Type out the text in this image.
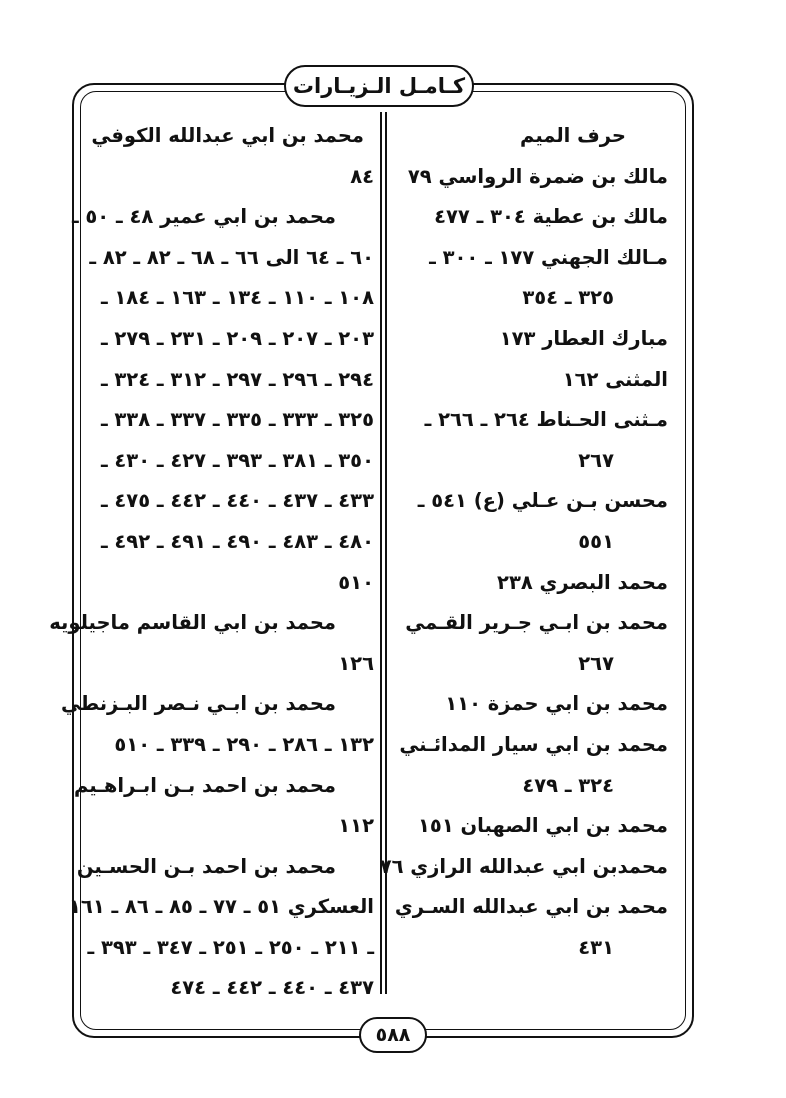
كـامـل الـزيـارات
حرف الميم
مالك بن ضمرة الرواسي ٧٩
مالك بن عطية ٣٠٤ ـ ٤٧٧
مـالك الجهني ١٧٧ ـ ٣٠٠ ـ
٣٢٥ ـ ٣٥٤
مبارك العطار ١٧٣
المثنى ١٦٢
مـثنى الحـناط ٢٦٤ ـ ٢٦٦ ـ
٢٦٧
محسن بـن عـلي (ع) ٥٤١ ـ
٥٥١
محمد البصري ٢٣٨
محمد بن ابـي جـرير القـمي
٢٦٧
محمد بن ابي حمزة ١١٠
محمد بن ابي سيار المدائـني
٣٢٤ ـ ٤٧٩
محمد بن ابي الصهبان ١٥١
محمدبن ابي عبدالله الرازي ٧٦
محمد بن ابي عبدالله السـري
٤٣١
محمد بن ابي عبدالله الكوفي
٨٤
محمد بن ابي عمير ٤٨ ـ ٥٠ ـ
٦٠ ـ ٦٤ الى ٦٦ ـ ٦٨ ـ ٨٢ ـ ٨٢ ـ
١٠٨ ـ ١١٠ ـ ١٣٤ ـ ١٦٣ ـ ١٨٤ ـ
٢٠٣ ـ ٢٠٧ ـ ٢٠٩ ـ ٢٣١ ـ ٢٧٩ ـ
٢٩٤ ـ ٢٩٦ ـ ٢٩٧ ـ ٣١٢ ـ ٣٢٤ ـ
٣٢٥ ـ ٣٣٣ ـ ٣٣٥ ـ ٣٣٧ ـ ٣٣٨ ـ
٣٥٠ ـ ٣٨١ ـ ٣٩٣ ـ ٤٢٧ ـ ٤٣٠ ـ
٤٣٣ ـ ٤٣٧ ـ ٤٤٠ ـ ٤٤٢ ـ ٤٧٥ ـ
٤٨٠ ـ ٤٨٣ ـ ٤٩٠ ـ ٤٩١ ـ ٤٩٢ ـ
٥١٠
محمد بن ابي القاسم ماجيلويه
١٢٦
محمد بن ابـي نـصر البـزنطي
١٣٢ ـ ٢٨٦ ـ ٢٩٠ ـ ٣٣٩ ـ ٥١٠
محمد بن احمد بـن ابـراهـيم
١١٢
محمد بن احمد بـن الحسـين
العسكري ٥١ ـ ٧٧ ـ ٨٥ ـ ٨٦ ـ ١٦١
ـ ٢١١ ـ ٢٥٠ ـ ٢٥١ ـ ٣٤٧ ـ ٣٩٣ ـ
٤٣٧ ـ ٤٤٠ ـ ٤٤٢ ـ ٤٧٤
٥٨٨
